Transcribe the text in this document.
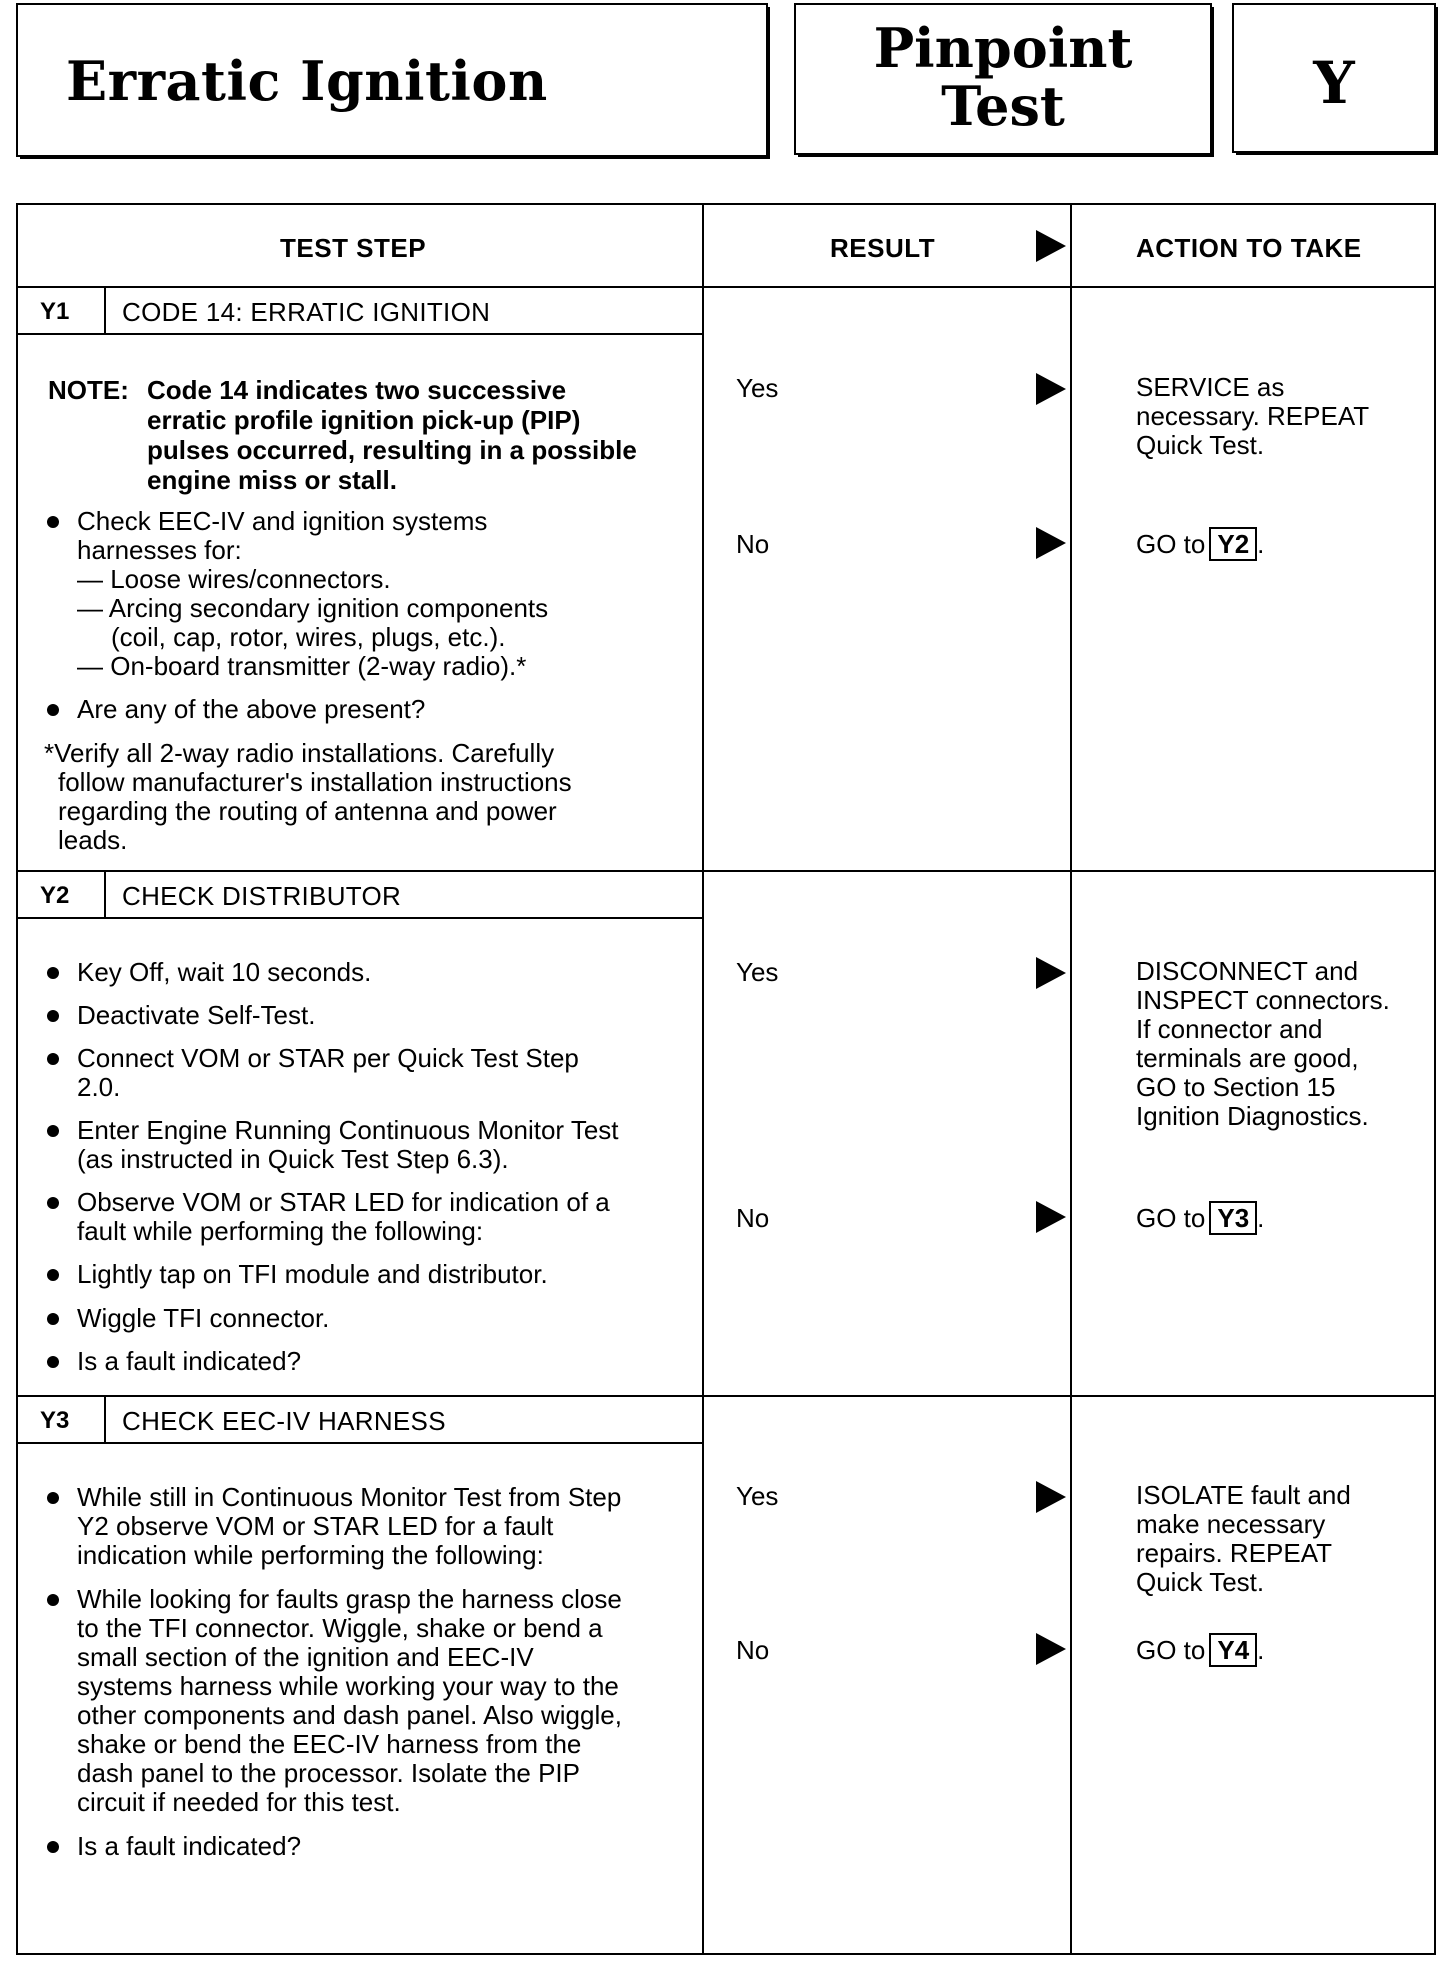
Erratic Ignition
Pinpoint
Test	Y
TEST STEP	RESULT	ACTION TO TAKE
Y1 CODE 14: ERRATIC IGNITION
NOTE: Code 14 indicates two successive
erratic profile ignition pick-up (PIP)
pulses occurred, resulting in a possible
engine miss or stall.
Check EEC-IV and ignition systems
harnesses for:
— Loose wires/connectors.
— Arcing secondary ignition components
(coil, cap, rotor, wires, plugs, etc.).
— On-board transmitter (2-way radio).*
Are any of the above present?
*Verify all 2-way radio installations. Carefully
follow manufacturer's installation instructions
regarding the routing of antenna and power
leads.
Yes	SERVICE as
necessary. REPEAT
Quick Test.
No	GO to Y2 .
Y2 CHECK DISTRIBUTOR
Key Off, wait 10 seconds.
Deactivate Self-Test.
Connect VOM or STAR per Quick Test Step
2.0.
Enter Engine Running Continuous Monitor Test
(as instructed in Quick Test Step 6.3).
Observe VOM or STAR LED for indication of a
fault while performing the following:
Lightly tap on TFI module and distributor.
Wiggle TFI connector.
Is a fault indicated?
Yes	DISCONNECT and
INSPECT connectors.
If connector and
terminals are good,
GO to Section 15
Ignition Diagnostics.
No	GO to Y3 .
Y3 CHECK EEC-IV HARNESS
While still in Continuous Monitor Test from Step
Y2 observe VOM or STAR LED for a fault
indication while performing the following:
While looking for faults grasp the harness close
to the TFI connector. Wiggle, shake or bend a
small section of the ignition and EEC-IV
systems harness while working your way to the
other components and dash panel. Also wiggle,
shake or bend the EEC-IV harness from the
dash panel to the processor. Isolate the PIP
circuit if needed for this test.
Is a fault indicated?
Yes	ISOLATE fault and
make necessary
repairs. REPEAT
Quick Test.
No	GO to Y4 .
